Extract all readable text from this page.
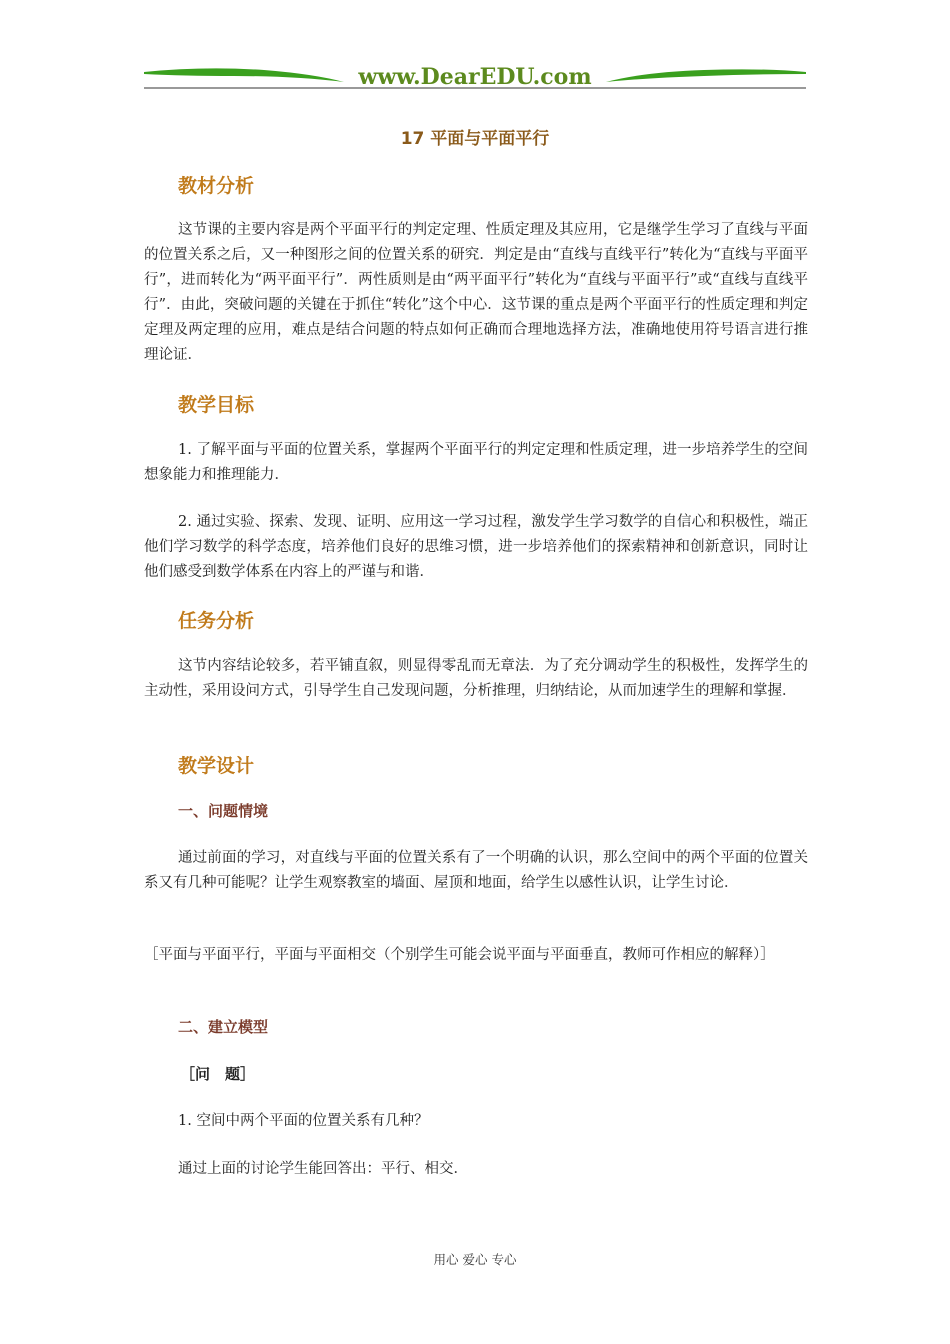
www.DearEDU.com
17 平面与平面平行
教材分析

这节课的主要内容是两个平面平行的判定定理、性质定理及其应用，它是继学生学习了直线与平面的位置关系之后，又一种图形之间的位置关系的研究．判定是由“直线与直线平行”转化为“直线与平面平行”，进而转化为“两平面平行”．两性质则是由“两平面平行”转化为“直线与平面平行”或“直线与直线平行”．由此，突破问题的关键在于抓住“转化”这个中心．这节课的重点是两个平面平行的性质定理和判定定理及两定理的应用，难点是结合问题的特点如何正确而合理地选择方法，准确地使用符号语言进行推理论证．

教学目标

1. 了解平面与平面的位置关系，掌握两个平面平行的判定定理和性质定理，进一步培养学生的空间想象能力和推理能力．

2. 通过实验、探索、发现、证明、应用这一学习过程，激发学生学习数学的自信心和积极性，端正他们学习数学的科学态度，培养他们良好的思维习惯，进一步培养他们的探索精神和创新意识，同时让他们感受到数学体系在内容上的严谨与和谐．

任务分析

这节内容结论较多，若平铺直叙，则显得零乱而无章法．为了充分调动学生的积极性，发挥学生的主动性，采用设问方式，引导学生自己发现问题，分析推理，归纳结论，从而加速学生的理解和掌握．

教学设计
一、问题情境

通过前面的学习，对直线与平面的位置关系有了一个明确的认识，那么空间中的两个平面的位置关系又有几种可能呢？让学生观察教室的墙面、屋顶和地面，给学生以感性认识，让学生讨论．

［平面与平面平行，平面与平面相交（个别学生可能会说平面与平面垂直，教师可作相应的解释）］

二、建立模型
［问　题］

1. 空间中两个平面的位置关系有几种？

通过上面的讨论学生能回答出：平行、相交．

用心 爱心 专心
